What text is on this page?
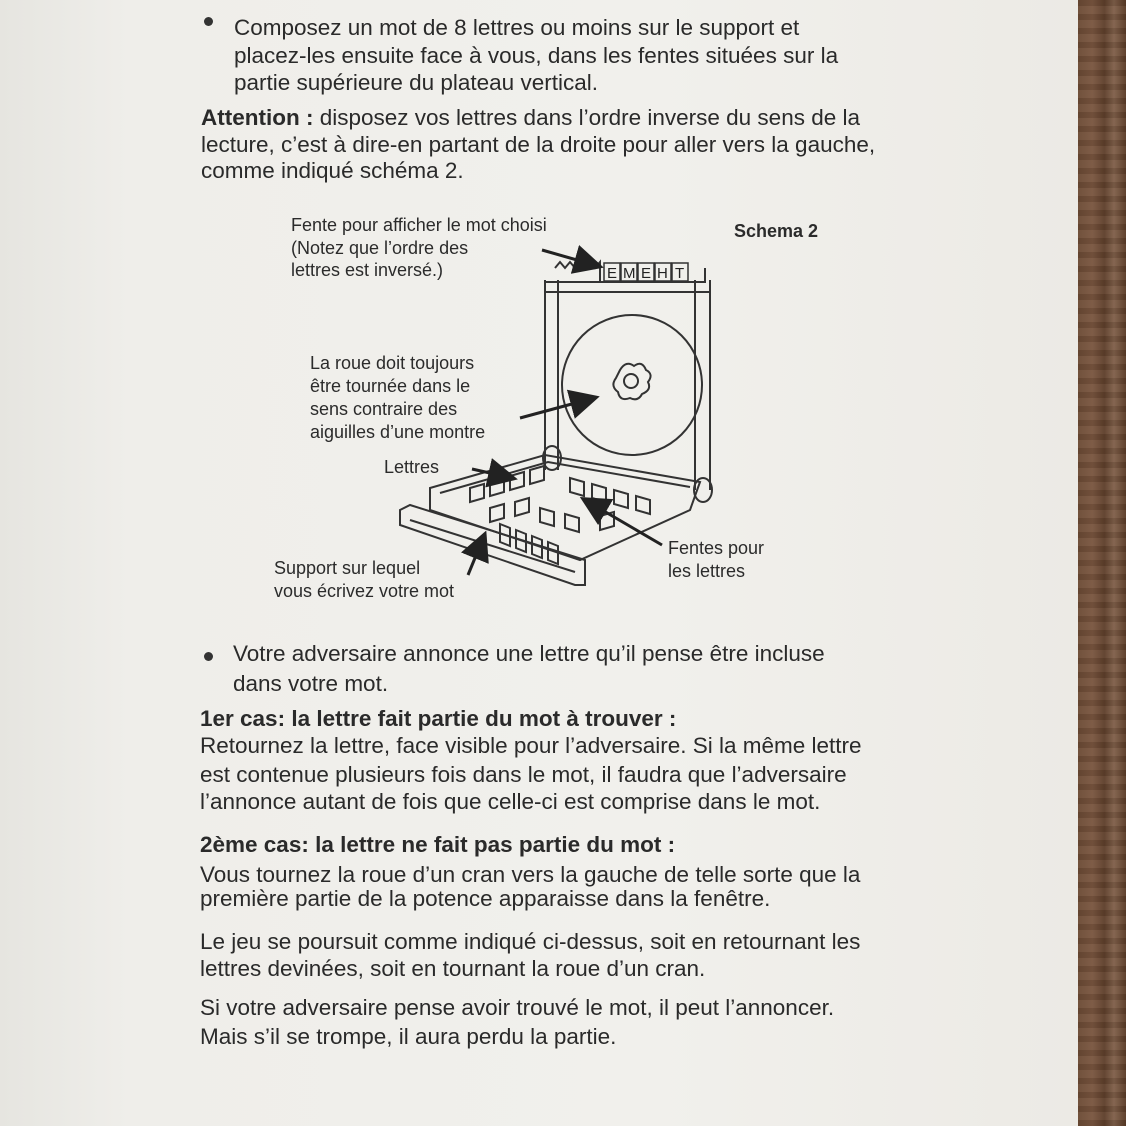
Composez un mot de 8 lettres ou moins sur le support et

placez-les ensuite face à vous, dans les fentes situées sur la

partie supérieure du plateau vertical.

Attention : disposez vos lettres dans l’ordre inverse du sens de la

lecture, c’est à dire-en partant de la droite pour aller vers la gauche,

comme indiqué schéma 2.

Fente pour afficher le mot choisi
(Notez que l’ordre des
lettres est inversé.)
Schema 2
La roue doit toujours
être tournée dans le
sens contraire des
aiguilles d’une montre
Lettres
Support sur lequel
vous écrivez votre mot
Fentes pour
les lettres
E M E H T

Votre adversaire annonce une lettre qu’il pense être incluse

dans votre mot.

1er cas: la lettre fait partie du mot à trouver :

Retournez la lettre, face visible pour l’adversaire. Si la même lettre

est contenue plusieurs fois dans le mot, il faudra que l’adversaire

l’annonce autant de fois que celle-ci est comprise dans le mot.

2ème cas: la lettre ne fait pas partie du mot :

Vous tournez la roue d’un cran vers la gauche de telle sorte que la

première partie de la potence apparaisse dans la fenêtre.

Le jeu se poursuit comme indiqué ci-dessus, soit en retournant les

lettres devinées, soit en tournant la roue d’un cran.

Si votre adversaire pense avoir trouvé le mot, il peut l’annoncer.

Mais s’il se trompe, il aura perdu la partie.
